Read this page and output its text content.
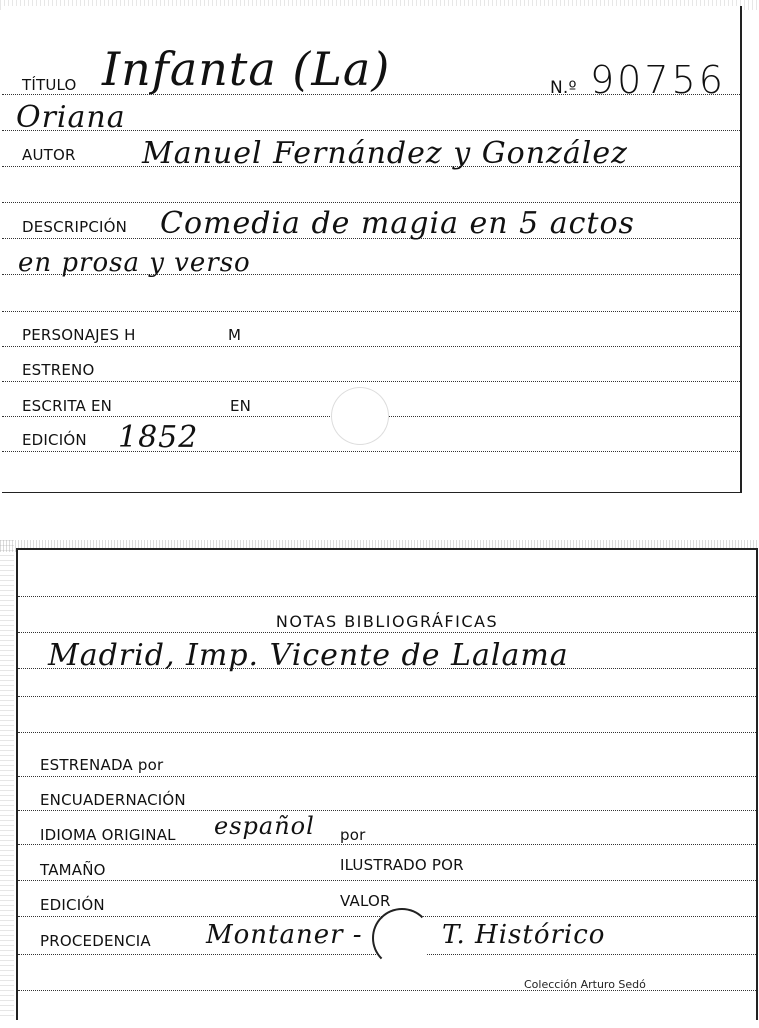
TÍTULO Infanta (La)	N.º 90756
Oriana
AUTOR Manuel Fernández y González
DESCRIPCIÓN Comedia de magia en 5 actos
en prosa y verso
PERSONAJES H	M
ESTRENO
ESCRITA EN	EN
EDICIÓN 1852
NOTAS BIBLIOGRÁFICAS
Madrid, Imp. Vicente de Lalama
ESTRENADA por
ENCUADERNACIÓN
IDIOMA ORIGINAL español por
TAMAÑO	ILUSTRADO POR
EDICIÓN	VALOR
PROCEDENCIA Montaner -	T. Histórico
Colección Arturo Sedó
